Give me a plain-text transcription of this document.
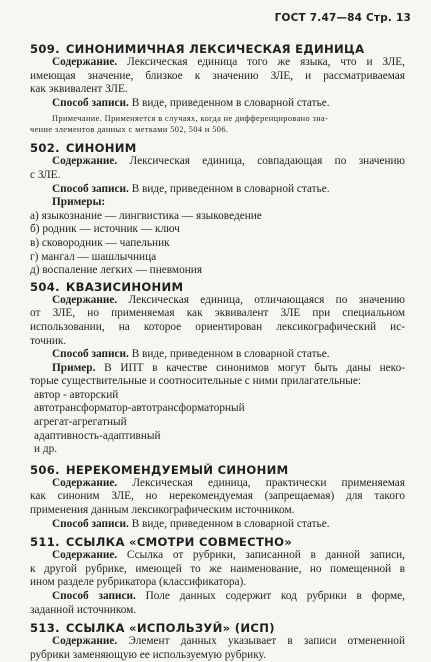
ГОСТ 7.47—84 Стр. 13
509. СИНОНИМИЧНАЯ ЛЕКСИЧЕСКАЯ ЕДИНИЦА
Содержание. Лексическая единица того же языка, что и ЗЛЕ,
имеющая значение, близкое к значению ЗЛЕ, и рассматриваемая
как эквивалент ЗЛЕ.
Способ записи. В виде, приведенном в словарной статье.
Примечание. Применяется в случаях, когда не дифференцировано зна-
чение элементов данных с метками 502, 504 и 506.
502. СИНОНИМ
Содержание. Лексическая единица, совпадающая по значению
с ЗЛЕ.
Способ записи. В виде, приведенном в словарной статье.
Примеры:
а) языкознание — лингвистика — языковедение
б) родник — источник — ключ
в) сковородник — чапельник
г) мангал — шашлычница
д) воспаление легких — пневмония
504. КВАЗИСИНОНИМ
Содержание. Лексическая единица, отличающаяся по значению
от ЗЛЕ, но применяемая как эквивалент ЗЛЕ при специальном
использовании, на которое ориентирован лексикографический ис-
точник.
Способ записи. В виде, приведенном в словарной статье.
Пример. В ИПТ в качестве синонимов могут быть даны неко-
торые существительные и соотносительные с ними прилагательные:
автор - авторский
автотрансформатор-автотрансформаторный
агрегат-агрегатный
адаптивность-адаптивный
и др.
506. НЕРЕКОМЕНДУЕМЫЙ СИНОНИМ
Содержание. Лексическая единица, практически применяемая
как синоним ЗЛЕ, но нерекомендуемая (запрещаемая) для такого
применения данным лексикографическим источником.
Способ записи. В виде, приведенном в словарной статье.
511. ССЫЛКА «СМОТРИ СОВМЕСТНО»
Содержание. Ссылка от рубрики, записанной в данной записи,
к другой рубрике, имеющей то же наименование, но помещенной в
ином разделе рубрикатора (классификатора).
Способ записи. Поле данных содержит код рубрики в форме,
заданной источником.
513. ССЫЛКА «ИСПОЛЬЗУЙ» (ИСП)
Содержание. Элемент данных указывает в записи отмененной
рубрики заменяющую ее используемую рубрику.
